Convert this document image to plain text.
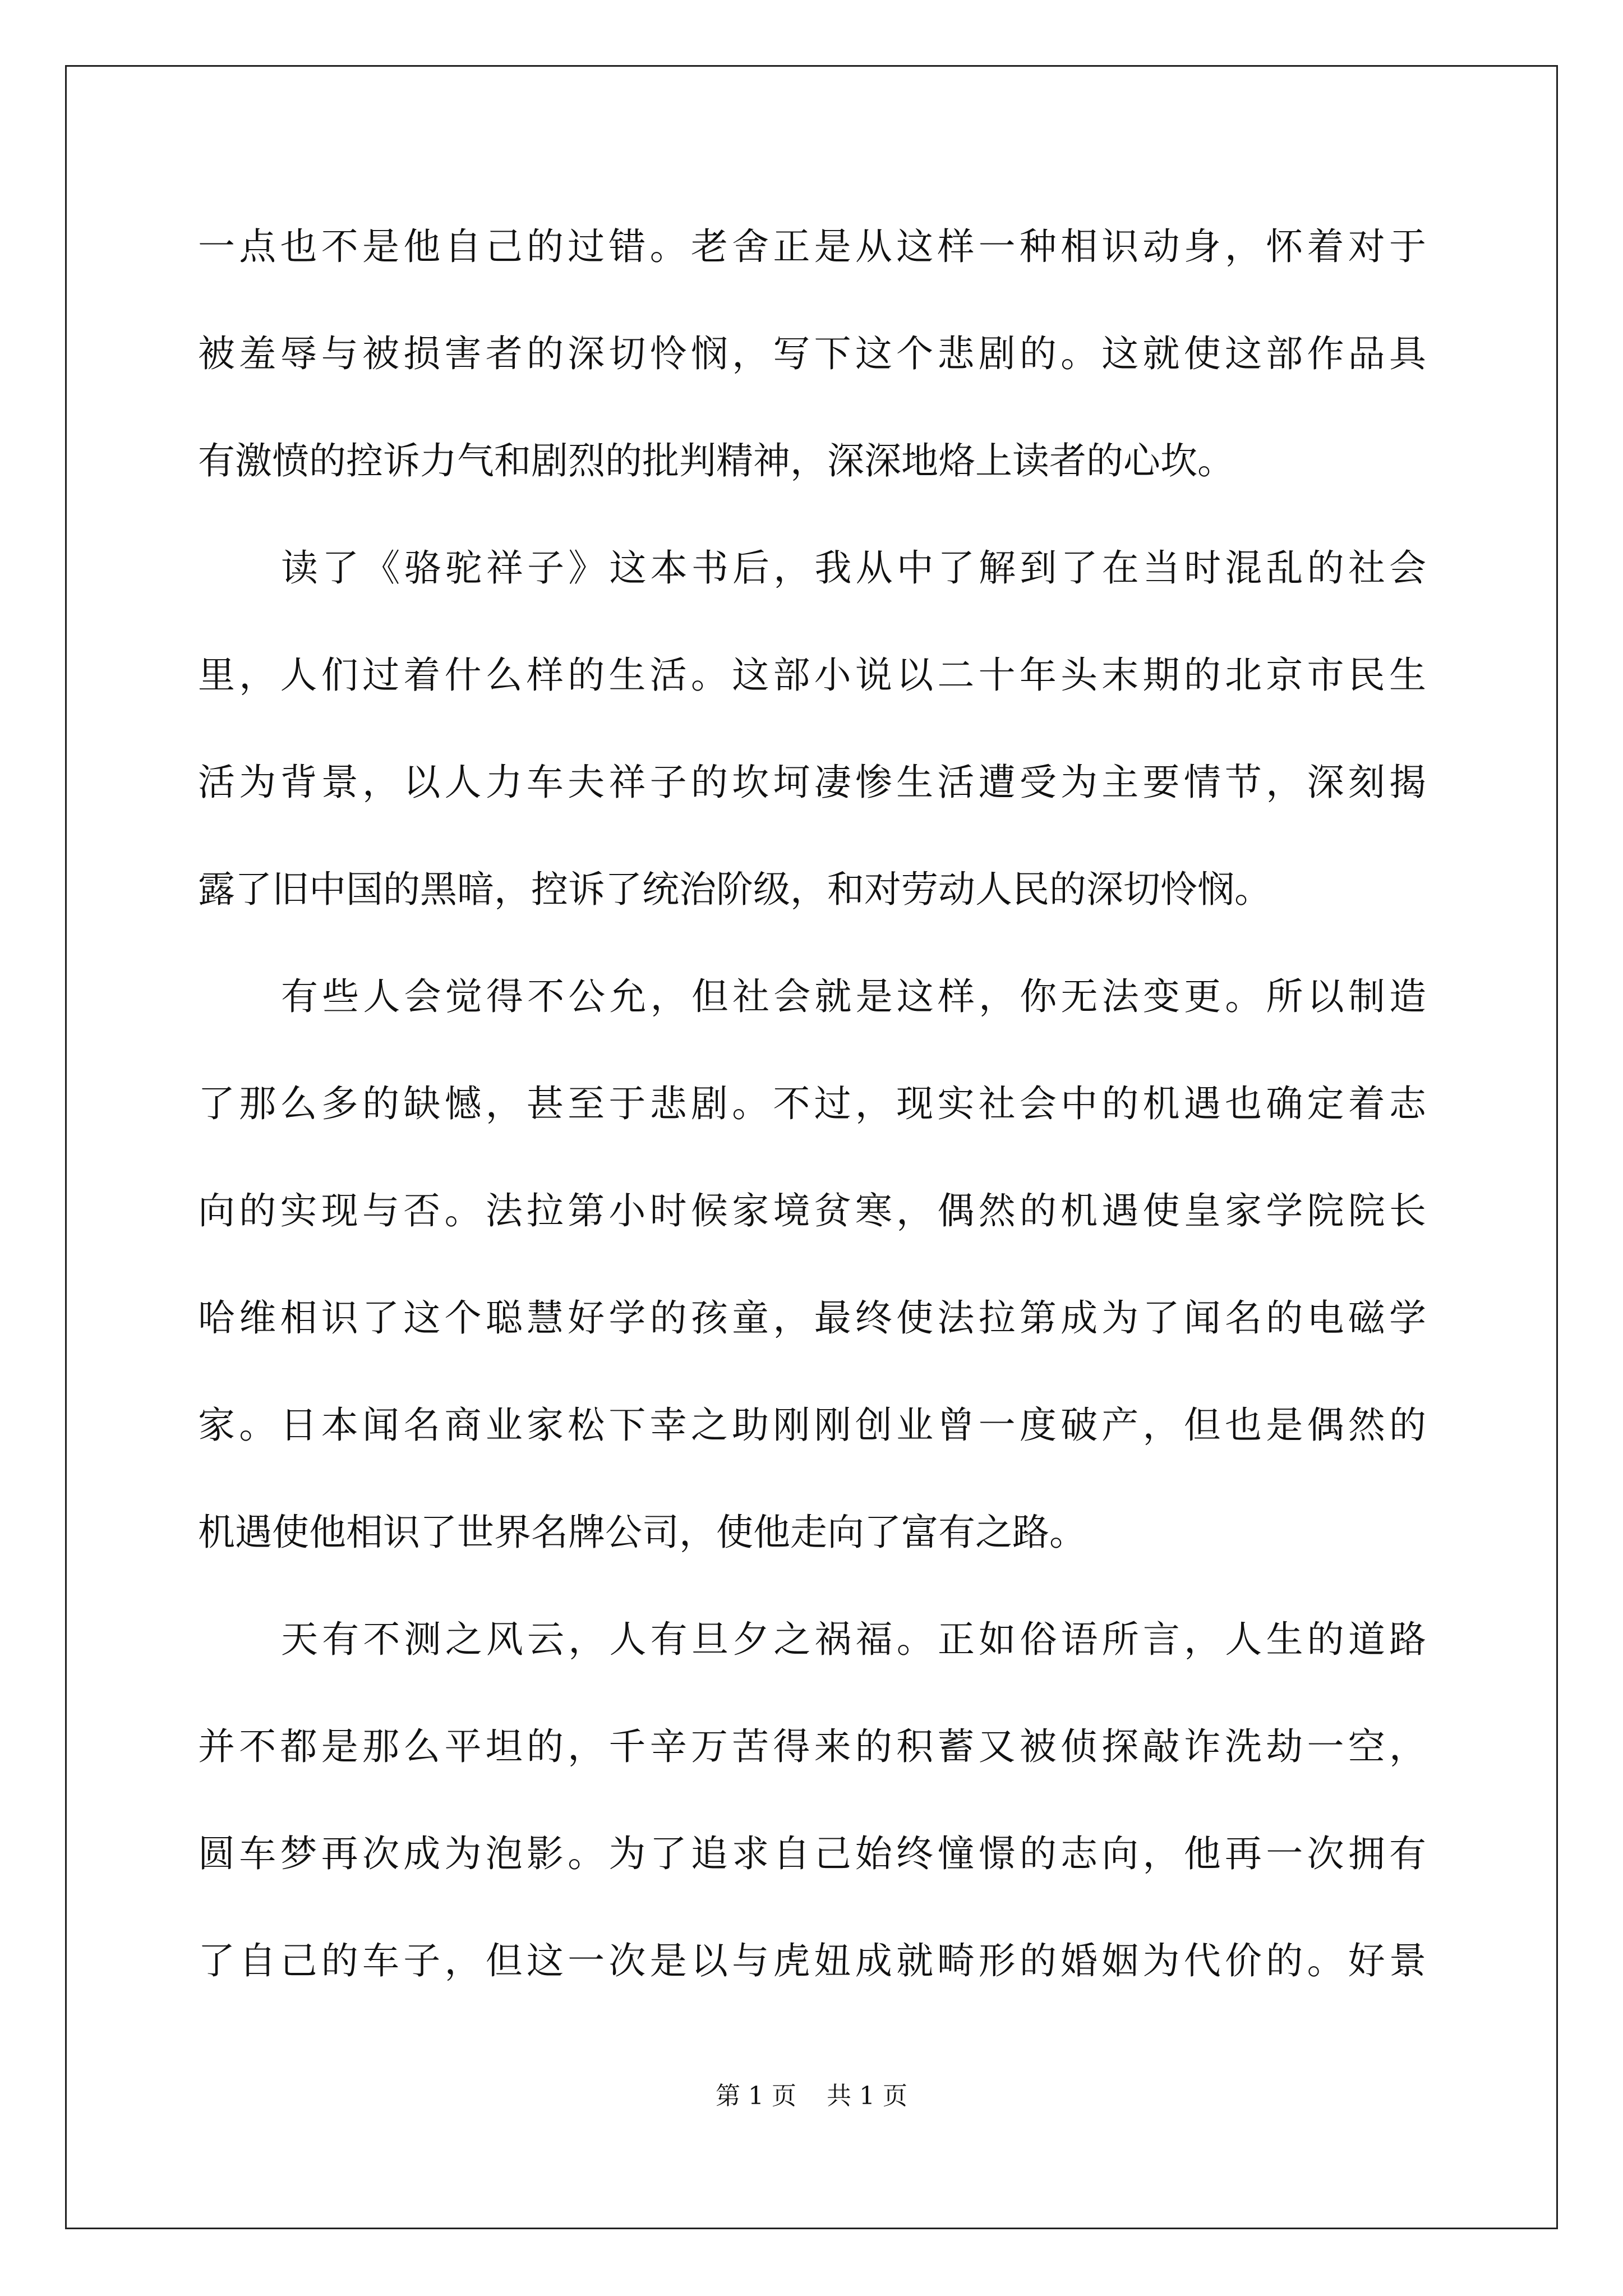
一点也不是他自己的过错。老舍正是从这样一种相识动身，怀着对于
被羞辱与被损害者的深切怜悯，写下这个悲剧的。这就使这部作品具
有激愤的控诉力气和剧烈的批判精神，深深地烙上读者的心坎。
读了《骆驼祥子》这本书后，我从中了解到了在当时混乱的社会
里，人们过着什么样的生活。这部小说以二十年头末期的北京市民生
活为背景，以人力车夫祥子的坎坷凄惨生活遭受为主要情节，深刻揭
露了旧中国的黑暗，控诉了统治阶级，和对劳动人民的深切怜悯。
有些人会觉得不公允，但社会就是这样，你无法变更。所以制造
了那么多的缺憾，甚至于悲剧。不过，现实社会中的机遇也确定着志
向的实现与否。法拉第小时候家境贫寒，偶然的机遇使皇家学院院长
哈维相识了这个聪慧好学的孩童，最终使法拉第成为了闻名的电磁学
家。日本闻名商业家松下幸之助刚刚创业曾一度破产，但也是偶然的
机遇使他相识了世界名牌公司，使他走向了富有之路。
天有不测之风云，人有旦夕之祸福。正如俗语所言，人生的道路
并不都是那么平坦的，千辛万苦得来的积蓄又被侦探敲诈洗劫一空，
圆车梦再次成为泡影。为了追求自己始终憧憬的志向，他再一次拥有
了自己的车子，但这一次是以与虎妞成就畸形的婚姻为代价的。好景
第 1 页 共 1 页
